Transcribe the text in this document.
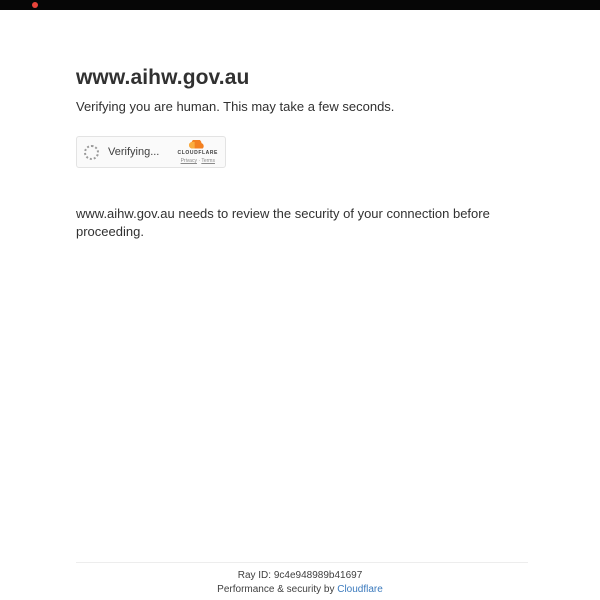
www.aihw.gov.au
Verifying you are human. This may take a few seconds.
Verifying...	CLOUDFLARE
Privacy · Terms

www.aihw.gov.au needs to review the security of your connection before proceeding.

Ray ID: 9c4e948989b41697
Performance & security by Cloudflare
